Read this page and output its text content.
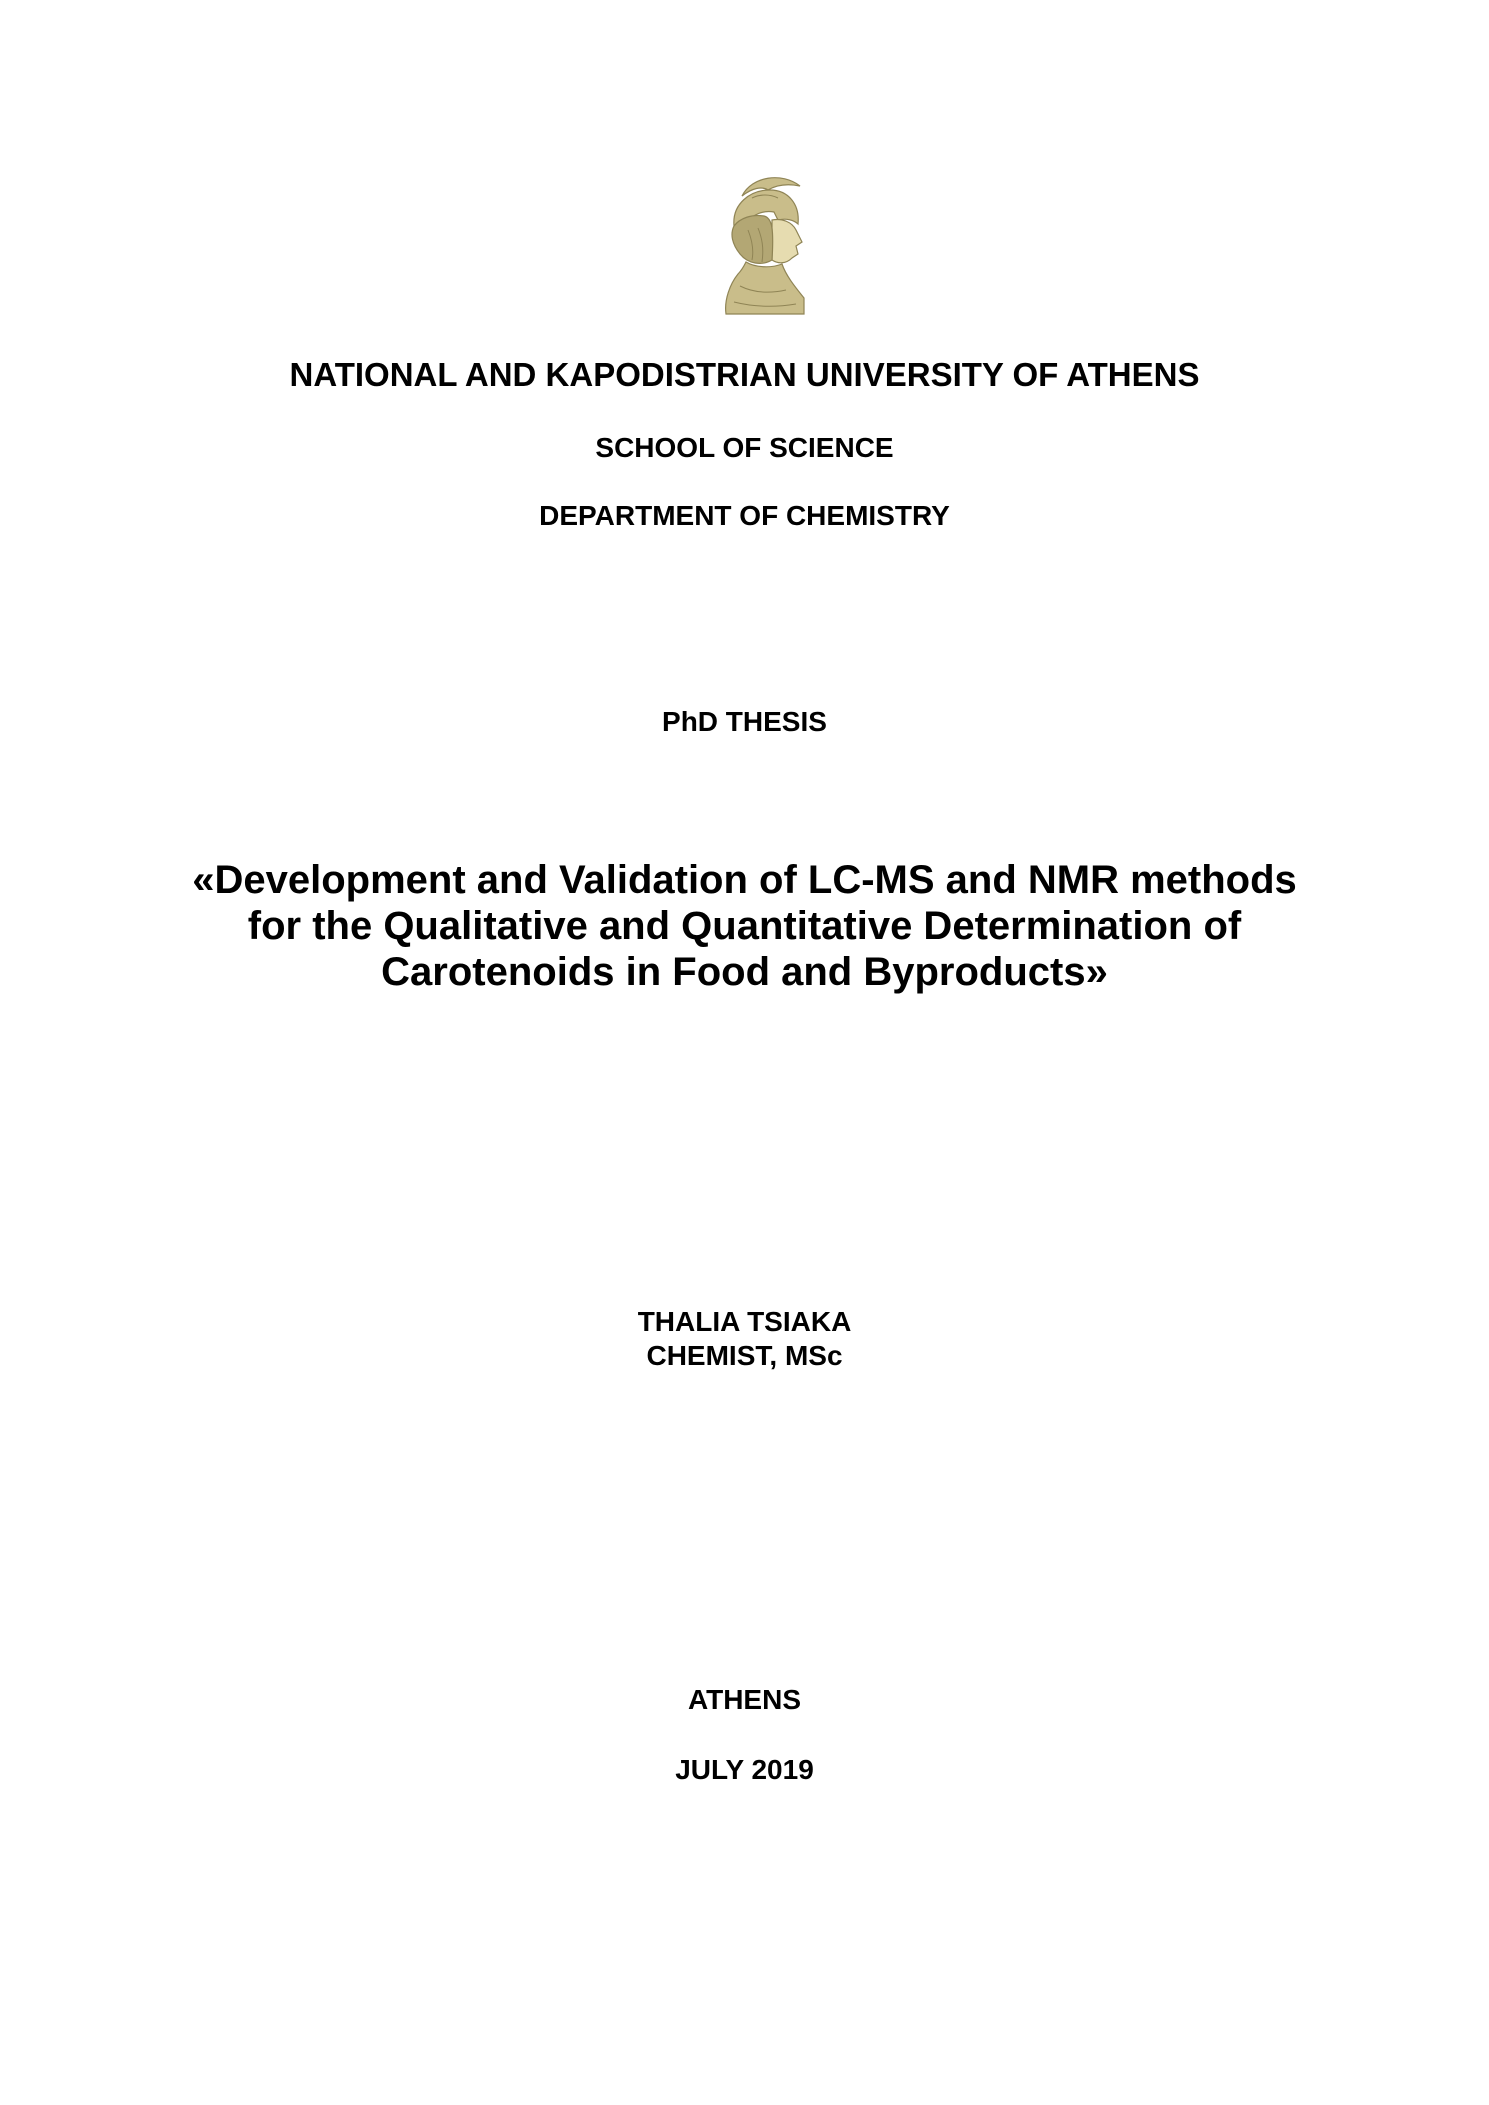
NATIONAL AND KAPODISTRIAN UNIVERSITY OF ATHENS
SCHOOL OF SCIENCE
DEPARTMENT OF CHEMISTRY
PhD THESIS
«Development and Validation of LC-MS and NMR methods
for the Qualitative and Quantitative Determination of
Carotenoids in Food and Byproducts»
THALIA TSIAKA
CHEMIST, MSc
ATHENS
JULY 2019
